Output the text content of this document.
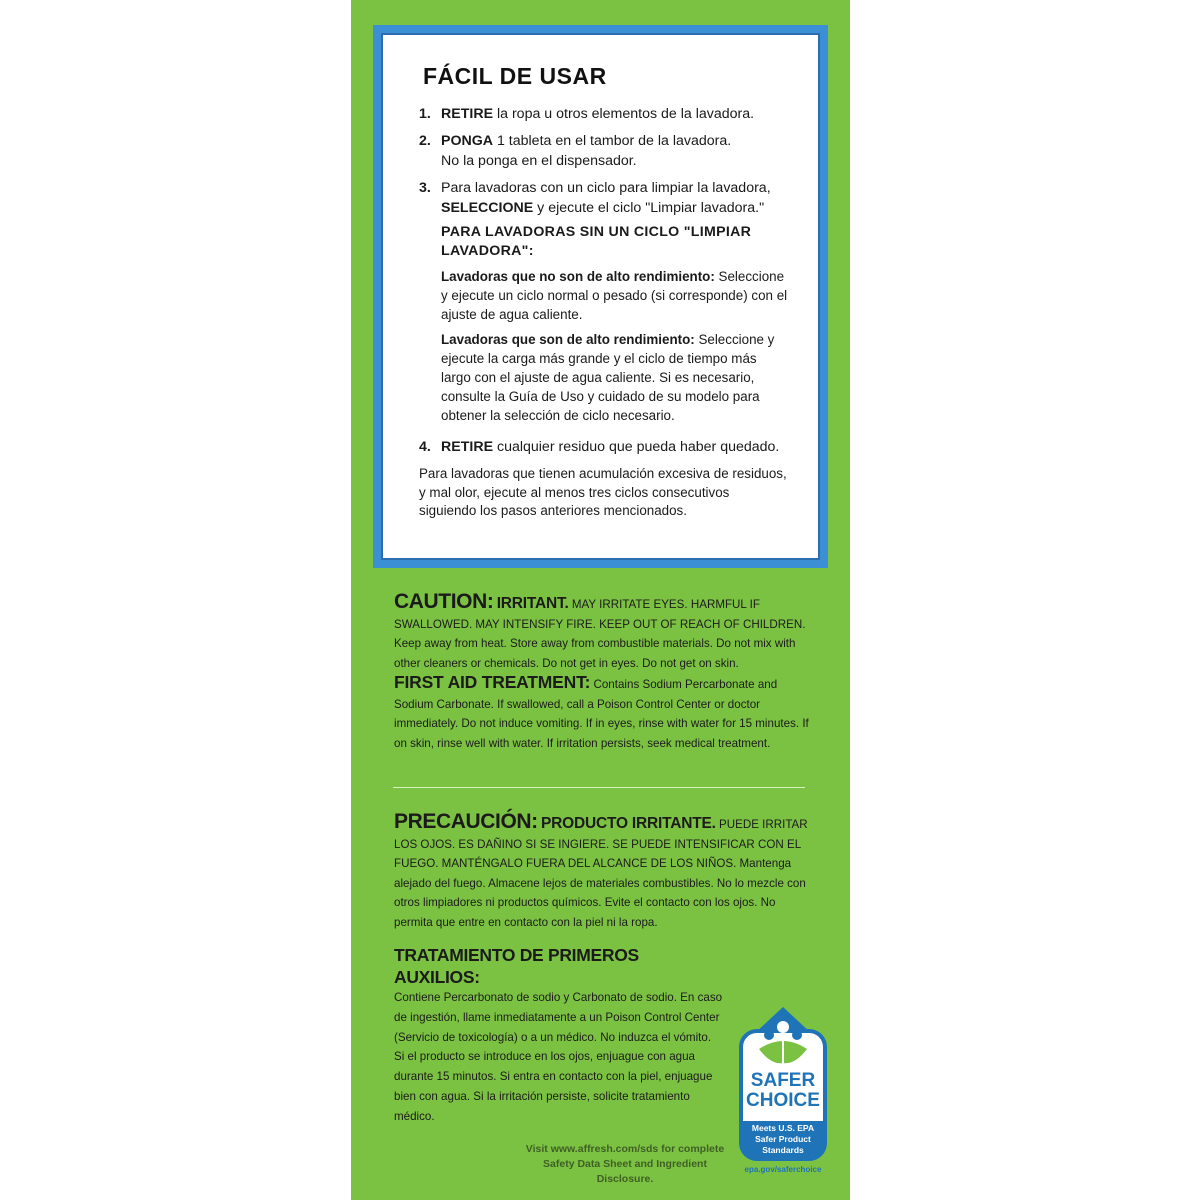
FÁCIL DE USAR
1. RETIRE la ropa u otros elementos de la lavadora.
2. PONGA 1 tableta en el tambor de la lavadora.
No la ponga en el dispensador.
3. Para lavadoras con un ciclo para limpiar la lavadora,
SELECCIONE y ejecute el ciclo "Limpiar lavadora."
PARA LAVADORAS SIN UN CICLO "LIMPIAR LAVADORA":

Lavadoras que no son de alto rendimiento: Seleccione y ejecute un ciclo normal o pesado (si corresponde) con el ajuste de agua caliente.

Lavadoras que son de alto rendimiento: Seleccione y ejecute la carga más grande y el ciclo de tiempo más largo con el ajuste de agua caliente. Si es necesario, consulte la Guía de Uso y cuidado de su modelo para obtener la selección de ciclo necesario.

4. RETIRE cualquier residuo que pueda haber quedado.

Para lavadoras que tienen acumulación excesiva de residuos, y mal olor, ejecute al menos tres ciclos consecutivos siguiendo los pasos anteriores mencionados.

CAUTION: IRRITANT. MAY IRRITATE EYES. HARMFUL IF SWALLOWED. MAY INTENSIFY FIRE. KEEP OUT OF REACH OF CHILDREN. Keep away from heat. Store away from combustible materials. Do not mix with other cleaners or chemicals. Do not get in eyes. Do not get on skin.
FIRST AID TREATMENT: Contains Sodium Percarbonate and Sodium Carbonate. If swallowed, call a Poison Control Center or doctor immediately. Do not induce vomiting. If in eyes, rinse with water for 15 minutes. If on skin, rinse well with water. If irritation persists, seek medical treatment.
PRECAUCIÓN: PRODUCTO IRRITANTE. PUEDE IRRITAR LOS OJOS. ES DAÑINO SI SE INGIERE. SE PUEDE INTENSIFICAR CON EL FUEGO. MANTÉNGALO FUERA DEL ALCANCE DE LOS NIÑOS. Mantenga alejado del fuego. Almacene lejos de materiales combustibles. No lo mezcle con otros limpiadores ni productos químicos. Evite el contacto con los ojos. No permita que entre en contacto con la piel ni la ropa.
TRATAMIENTO DE PRIMEROS AUXILIOS:
Contiene Percarbonato de sodio y Carbonato de sodio. En caso de ingestión, llame inmediatamente a un Poison Control Center (Servicio de toxicología) o a un médico. No induzca el vómito. Si el producto se introduce en los ojos, enjuague con agua durante 15 minutos. Si entra en contacto con la piel, enjuague bien con agua. Si la irritación persiste, solicite tratamiento médico.
Visit www.affresh.com/sds for complete Safety Data Sheet and Ingredient Disclosure.
SAFER
CHOICE
Meets U.S. EPA Safer Product Standards
epa.gov/saferchoice
